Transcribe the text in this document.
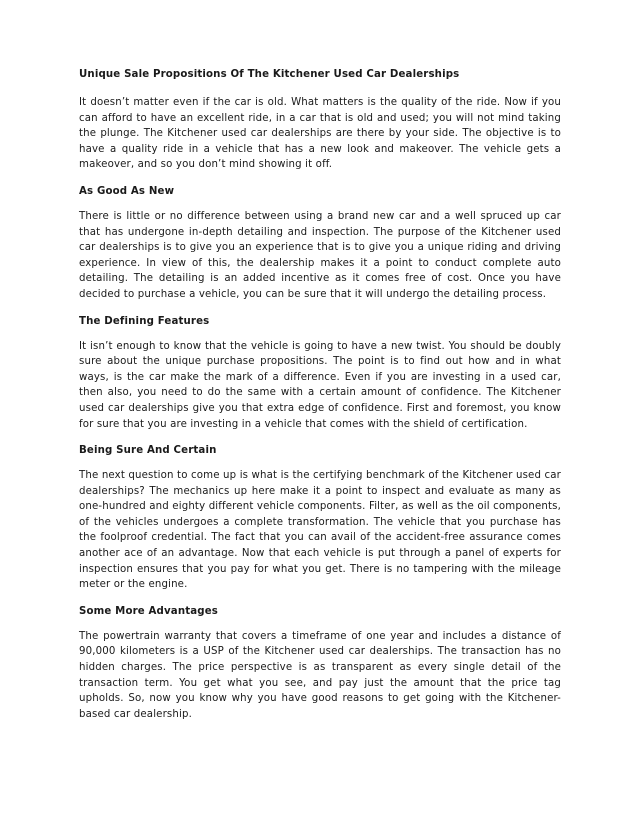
Unique Sale Propositions Of The Kitchener Used Car Dealerships

It doesn’t matter even if the car is old. What matters is the quality of the ride. Now if you can afford to have an excellent ride, in a car that is old and used; you will not mind taking the plunge. The Kitchener used car dealerships are there by your side. The objective is to have a quality ride in a vehicle that has a new look and makeover. The vehicle gets a makeover, and so you don’t mind showing it off.

As Good As New

There is little or no difference between using a brand new car and a well spruced up car that has undergone in-depth detailing and inspection. The purpose of the Kitchener used car dealerships is to give you an experience that is to give you a unique riding and driving experience. In view of this, the dealership makes it a point to conduct complete auto detailing. The detailing is an added incentive as it comes free of cost. Once you have decided to purchase a vehicle, you can be sure that it will undergo the detailing process.

The Defining Features

It isn’t enough to know that the vehicle is going to have a new twist. You should be doubly sure about the unique purchase propositions. The point is to find out how and in what ways, is the car make the mark of a difference. Even if you are investing in a used car, then also, you need to do the same with a certain amount of confidence. The Kitchener used car dealerships give you that extra edge of confidence. First and foremost, you know for sure that you are investing in a vehicle that comes with the shield of certification.

Being Sure And Certain

The next question to come up is what is the certifying benchmark of the Kitchener used car dealerships? The mechanics up here make it a point to inspect and evaluate as many as one-hundred and eighty different vehicle components. Filter, as well as the oil components, of the vehicles undergoes a complete transformation. The vehicle that you purchase has the foolproof credential. The fact that you can avail of the accident-free assurance comes another ace of an advantage. Now that each vehicle is put through a panel of experts for inspection ensures that you pay for what you get. There is no tampering with the mileage meter or the engine.

Some More Advantages

The powertrain warranty that covers a timeframe of one year and includes a distance of 90,000 kilometers is a USP of the Kitchener used car dealerships. The transaction has no hidden charges. The price perspective is as transparent as every single detail of the transaction term. You get what you see, and pay just the amount that the price tag upholds. So, now you know why you have good reasons to get going with the Kitchener-based car dealership.
